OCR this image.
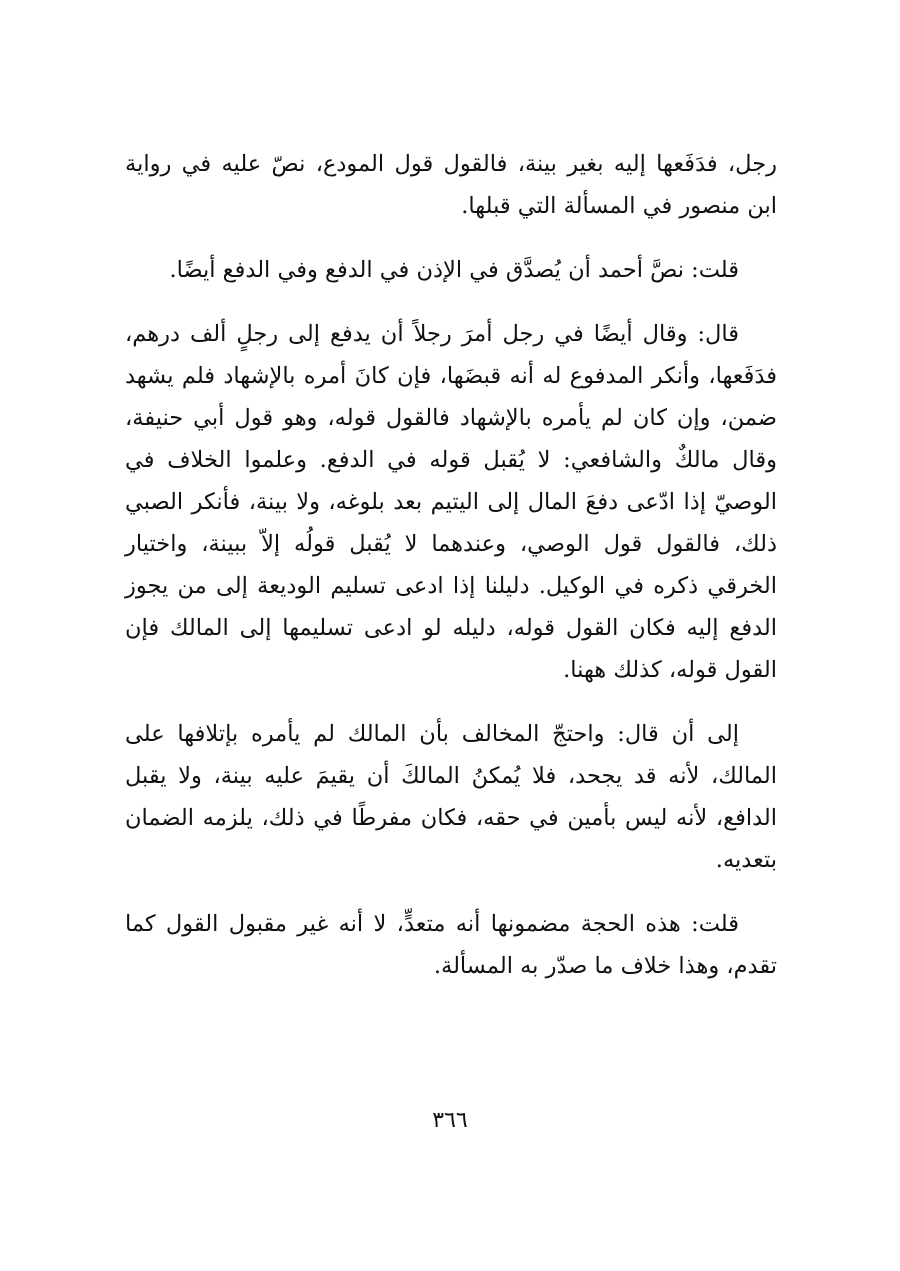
رجل، فدَفَعها إليه بغير بينة، فالقول قول المودع، نصّ عليه في رواية ابن منصور في المسألة التي قبلها.

قلت: نصَّ أحمد أن يُصدَّق في الإذن في الدفع وفي الدفع أيضًا.

قال: وقال أيضًا في رجل أمرَ رجلاً أن يدفع إلى رجلٍ ألف درهم، فدَفَعها، وأنكر المدفوع له أنه قبضَها، فإن كانَ أمره بالإشهاد فلم يشهد ضمن، وإن كان لم يأمره بالإشهاد فالقول قوله، وهو قول أبي حنيفة، وقال مالكٌ والشافعي: لا يُقبل قوله في الدفع. وعلموا الخلاف في الوصيّ إذا ادّعى دفعَ المال إلى اليتيم بعد بلوغه، ولا بينة، فأنكر الصبي ذلك، فالقول قول الوصي، وعندهما لا يُقبل قولُه إلاّ ببينة، واختيار الخرقي ذكره في الوكيل. دليلنا إذا ادعى تسليم الوديعة إلى من يجوز الدفع إليه فكان القول قوله، دليله لو ادعى تسليمها إلى المالك فإن القول قوله، كذلك ههنا.

إلى أن قال: واحتجّ المخالف بأن المالك لم يأمره بإتلافها على المالك، لأنه قد يجحد، فلا يُمكنُ المالكَ أن يقيمَ عليه بينة، ولا يقبل الدافع، لأنه ليس بأمين في حقه، فكان مفرطًا في ذلك، يلزمه الضمان بتعديه.

قلت: هذه الحجة مضمونها أنه متعدٍّ، لا أنه غير مقبول القول كما تقدم، وهذا خلاف ما صدّر به المسألة.

٣٦٦
